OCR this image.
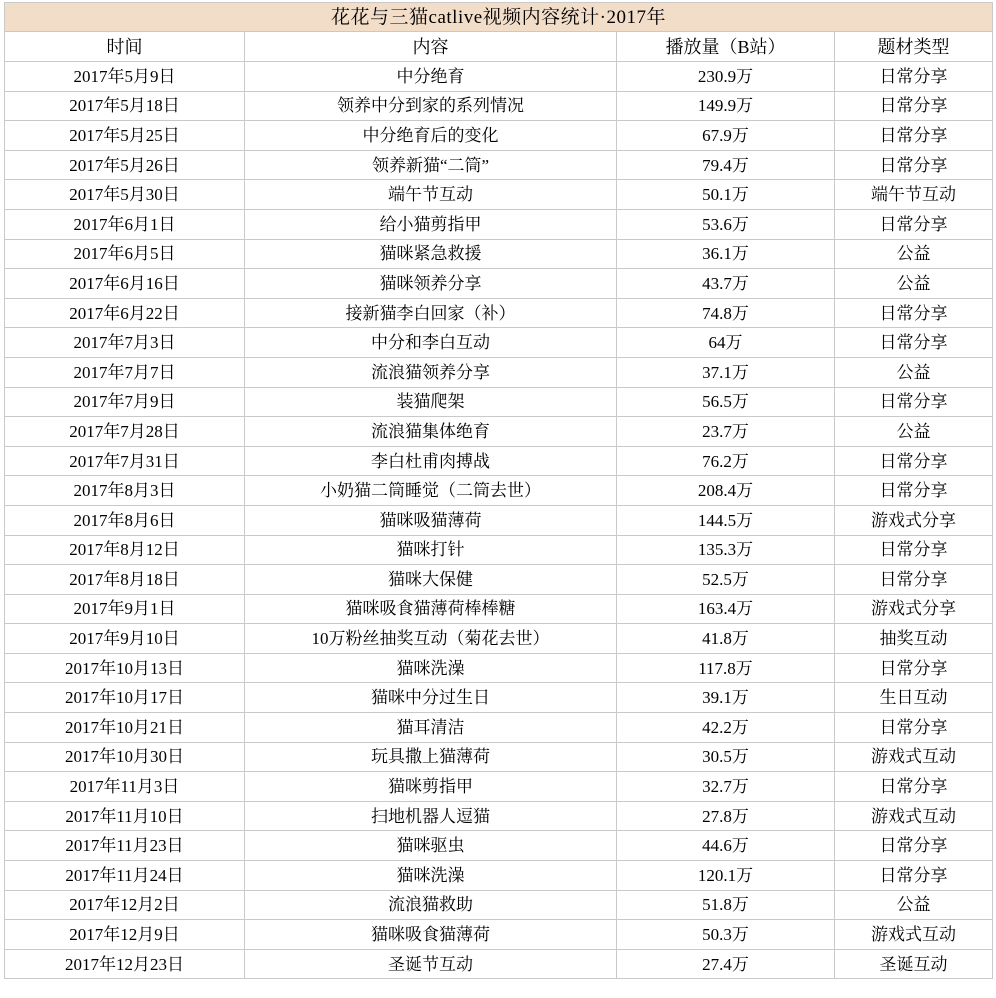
花花与三猫catlive视频内容统计·2017年			
时间	内容	播放量（B站）	题材类型
2017年5月9日	中分绝育	230.9万	日常分享
2017年5月18日	领养中分到家的系列情况	149.9万	日常分享
2017年5月25日	中分绝育后的变化	67.9万	日常分享
2017年5月26日	领养新猫“二筒”	79.4万	日常分享
2017年5月30日	端午节互动	50.1万	端午节互动
2017年6月1日	给小猫剪指甲	53.6万	日常分享
2017年6月5日	猫咪紧急救援	36.1万	公益
2017年6月16日	猫咪领养分享	43.7万	公益
2017年6月22日	接新猫李白回家（补）	74.8万	日常分享
2017年7月3日	中分和李白互动	64万	日常分享
2017年7月7日	流浪猫领养分享	37.1万	公益
2017年7月9日	装猫爬架	56.5万	日常分享
2017年7月28日	流浪猫集体绝育	23.7万	公益
2017年7月31日	李白杜甫肉搏战	76.2万	日常分享
2017年8月3日	小奶猫二筒睡觉（二筒去世）	208.4万	日常分享
2017年8月6日	猫咪吸猫薄荷	144.5万	游戏式分享
2017年8月12日	猫咪打针	135.3万	日常分享
2017年8月18日	猫咪大保健	52.5万	日常分享
2017年9月1日	猫咪吸食猫薄荷棒棒糖	163.4万	游戏式分享
2017年9月10日	10万粉丝抽奖互动（菊花去世）	41.8万	抽奖互动
2017年10月13日	猫咪洗澡	117.8万	日常分享
2017年10月17日	猫咪中分过生日	39.1万	生日互动
2017年10月21日	猫耳清洁	42.2万	日常分享
2017年10月30日	玩具撒上猫薄荷	30.5万	游戏式互动
2017年11月3日	猫咪剪指甲	32.7万	日常分享
2017年11月10日	扫地机器人逗猫	27.8万	游戏式互动
2017年11月23日	猫咪驱虫	44.6万	日常分享
2017年11月24日	猫咪洗澡	120.1万	日常分享
2017年12月2日	流浪猫救助	51.8万	公益
2017年12月9日	猫咪吸食猫薄荷	50.3万	游戏式互动
2017年12月23日	圣诞节互动	27.4万	圣诞互动
